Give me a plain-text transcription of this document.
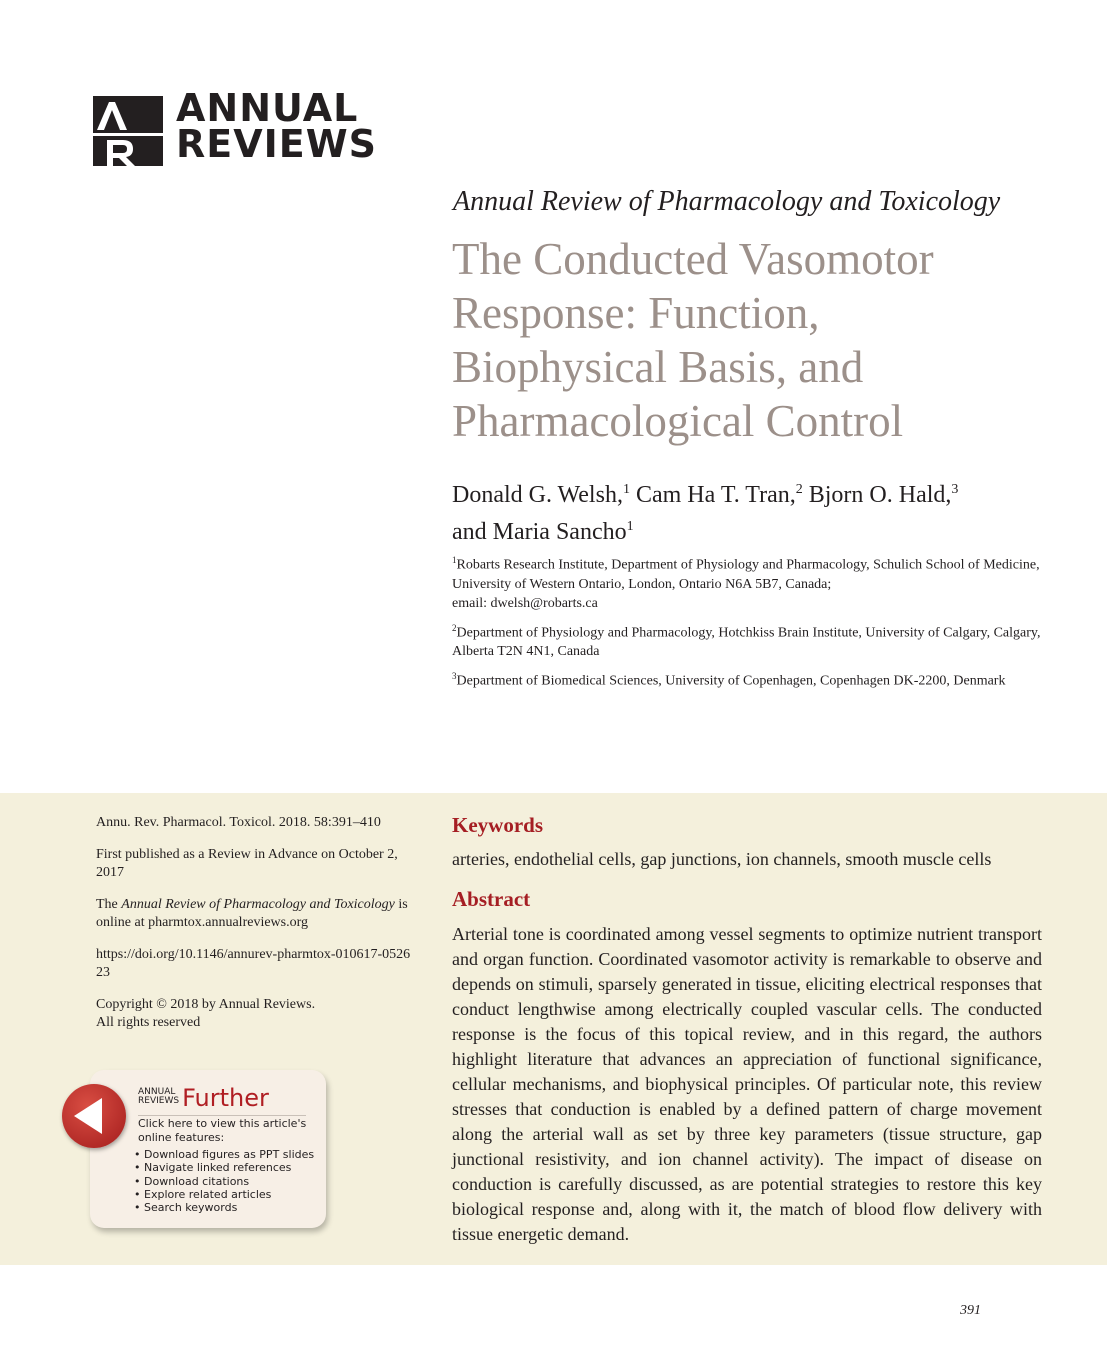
ANNUAL
REVIEWS
Annual Review of Pharmacology and Toxicology
The Conducted Vasomotor
Response: Function,
Biophysical Basis, and
Pharmacological Control
Donald G. Welsh,$^1$ Cam Ha T. Tran,$^2$ Bjorn O. Hald,$^3$
and Maria Sancho$^1$

$^1$Robarts Research Institute, Department of Physiology and Pharmacology, Schulich School of Medicine, University of Western Ontario, London, Ontario N6A 5B7, Canada;
email: dwelsh@robarts.ca

$^2$Department of Physiology and Pharmacology, Hotchkiss Brain Institute, University of Calgary, Calgary, Alberta T2N 4N1, Canada

$^3$Department of Biomedical Sciences, University of Copenhagen, Copenhagen DK-2200, Denmark

Annu. Rev. Pharmacol. Toxicol. 2018. 58:391–410

First published as a Review in Advance on October 2, 2017

The Annual Review of Pharmacology and Toxicology is online at pharmtox.annualreviews.org

https://doi.org/10.1146/annurev-pharmtox-010617-052623

Copyright © 2018 by Annual Reviews.
All rights reserved

ANNUAL
REVIEWS Further
Click here to view this article's online features:
• Download figures as PPT slides
• Navigate linked references
• Download citations
• Explore related articles
• Search keywords
Keywords
arteries, endothelial cells, gap junctions, ion channels, smooth muscle cells
Abstract

Arterial tone is coordinated among vessel segments to optimize nutrient transport and organ function. Coordinated vasomotor activity is remarkable to observe and depends on stimuli, sparsely generated in tissue, eliciting electrical responses that conduct lengthwise among electrically coupled vascular cells. The conducted response is the focus of this topical review, and in this regard, the authors highlight literature that advances an appreciation of functional significance, cellular mechanisms, and biophysical principles. Of particular note, this review stresses that conduction is enabled by a defined pattern of charge movement along the arterial wall as set by three key parameters (tissue structure, gap junctional resistivity, and ion channel activity). The impact of disease on conduction is carefully discussed, as are potential strategies to restore this key biological response and, along with it, the match of blood flow delivery with tissue energetic demand.

391
